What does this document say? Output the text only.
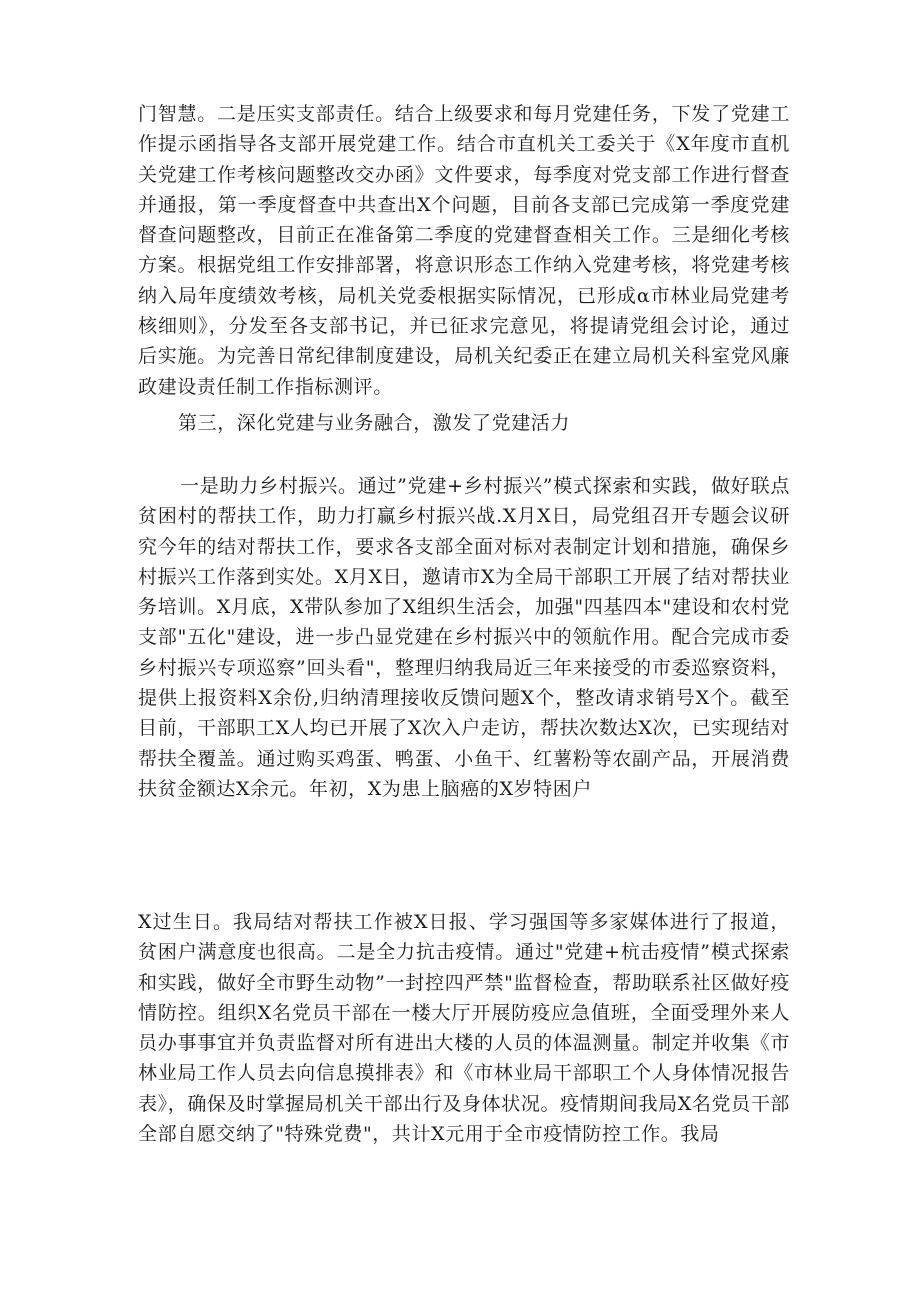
门智慧。二是压实支部责任。结合上级要求和每月党建任务，下发了党建工作提示函指导各支部开展党建工作。结合市直机关工委关于《X年度市直机关党建工作考核问题整改交办函》文件要求，每季度对党支部工作进行督查并通报，第一季度督查中共查出X个问题，目前各支部已完成第一季度党建督查问题整改，目前正在准备第二季度的党建督查相关工作。三是细化考核方案。根据党组工作安排部署，将意识形态工作纳入党建考核，将党建考核纳入局年度绩效考核，局机关党委根据实际情况，已形成α市林业局党建考核细则》，分发至各支部书记，并已征求完意见，将提请党组会讨论，通过后实施。为完善日常纪律制度建设，局机关纪委正在建立局机关科室党风廉政建设责任制工作指标测评。

第三，深化党建与业务融合，激发了党建活力

一是助力乡村振兴。通过”党建+乡村振兴”模式探索和实践，做好联点贫困村的帮扶工作，助力打赢乡村振兴战.X月X日，局党组召开专题会议研究今年的结对帮扶工作，要求各支部全面对标对表制定计划和措施，确保乡村振兴工作落到实处。X月X日，邀请市X为全局干部职工开展了结对帮扶业务培训。X月底，X带队参加了X组织生活会，加强"四基四本"建设和农村党支部"五化"建设，进一步凸显党建在乡村振兴中的领航作用。配合完成市委乡村振兴专项巡察”回头看"，整理归纳我局近三年来接受的市委巡察资料，提供上报资料X余份,归纳清理接收反馈问题X个，整改请求销号X个。截至目前，干部职工X人均已开展了X次入户走访，帮扶次数达X次，已实现结对帮扶全覆盖。通过购买鸡蛋、鸭蛋、小鱼干、红薯粉等农副产品，开展消费扶贫金额达X余元。年初，X为患上脑癌的X岁特困户

X过生日。我局结对帮扶工作被X日报、学习强国等多家媒体进行了报道，贫困户满意度也很高。二是全力抗击疫情。通过"党建+杭击疫情”模式探索和实践，做好全市野生动物”一封控四严禁"监督检查，帮助联系社区做好疫情防控。组织X名党员干部在一楼大厅开展防疫应急值班，全面受理外来人员办事事宜并负责监督对所有进出大楼的人员的体温测量。制定并收集《市林业局工作人员去向信息摸排表》和《市林业局干部职工个人身体情况报告表》，确保及时掌握局机关干部出行及身体状况。疫情期间我局X名党员干部全部自愿交纳了"特殊党费"，共计X元用于全市疫情防控工作。我局
